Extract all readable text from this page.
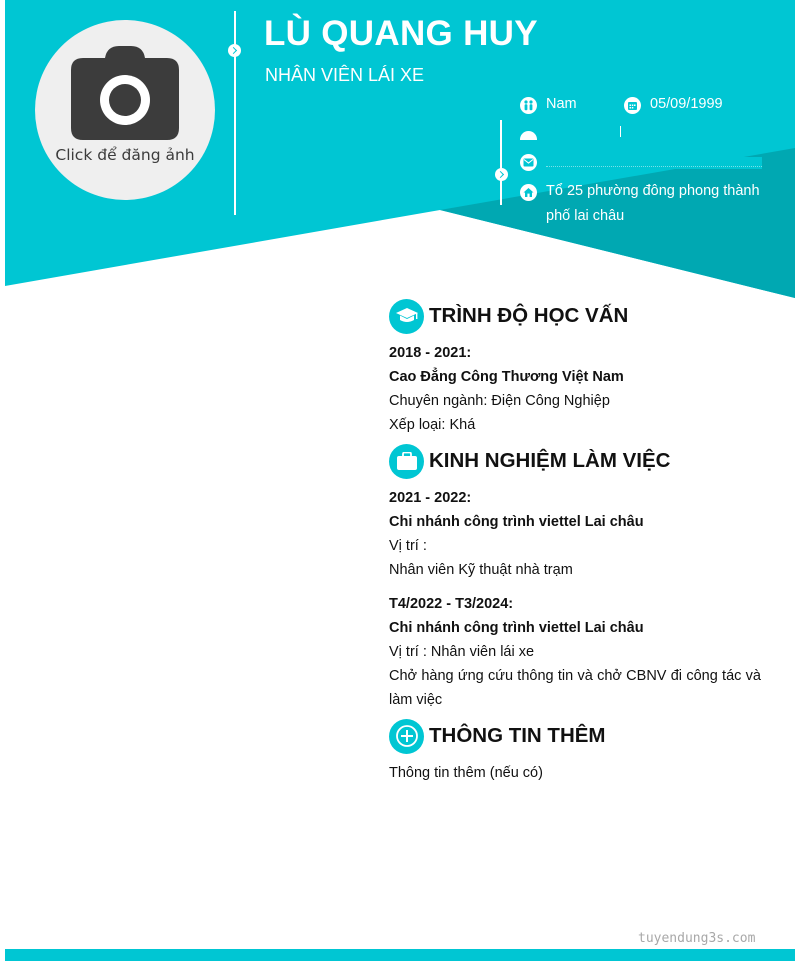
Click để đăng ảnh
LÙ QUANG HUY
NHÂN VIÊN LÁI XE
Nam	05/09/1999
Tổ 25 phường đông phong thành phố lai châu
TRÌNH ĐỘ HỌC VẤN
2018 - 2021:
Cao Đẳng Công Thương Việt Nam
Chuyên ngành: Điện Công Nghiệp
Xếp loại: Khá
KINH NGHIỆM LÀM VIỆC
2021 - 2022:
Chi nhánh công trình viettel Lai châu
Vị trí :
Nhân viên Kỹ thuật nhà trạm
T4/2022 - T3/2024:
Chi nhánh công trình viettel Lai châu
Vị trí : Nhân viên lái xe
Chở hàng ứng cứu thông tin và chở CBNV đi công tác và làm việc
THÔNG TIN THÊM
Thông tin thêm (nếu có)
tuyendung3s.com
